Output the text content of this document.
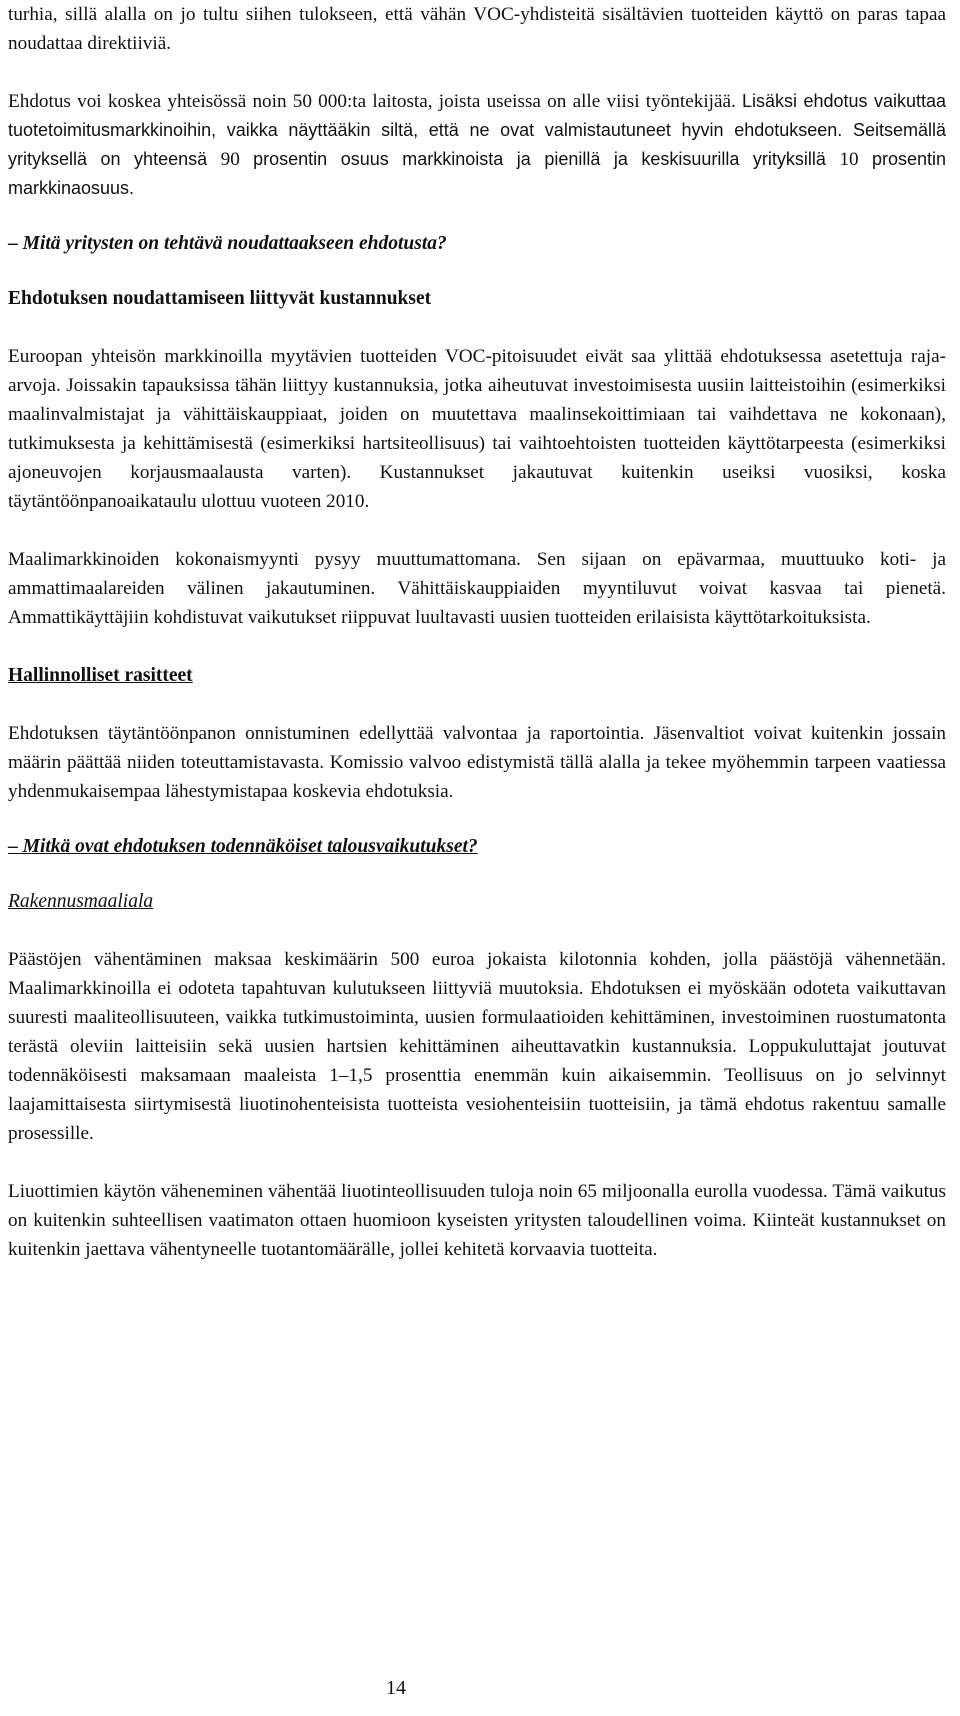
turhia, sillä alalla on jo tultu siihen tulokseen, että vähän VOC-yhdisteitä sisältävien tuotteiden käyttö on paras tapaa noudattaa direktiiviä.

Ehdotus voi koskea yhteisössä noin 50 000:ta laitosta, joista useissa on alle viisi työntekijää. Lisäksi ehdotus vaikuttaa tuotetoimitusmarkkinoihin, vaikka näyttääkin siltä, että ne ovat valmistautuneet hyvin ehdotukseen. Seitsemällä yrityksellä on yhteensä 90 prosentin osuus markkinoista ja pienillä ja keskisuurilla yrityksillä 10 prosentin markkinaosuus.

– Mitä yritysten on tehtävä noudattaakseen ehdotusta?

Ehdotuksen noudattamiseen liittyvät kustannukset

Euroopan yhteisön markkinoilla myytävien tuotteiden VOC-pitoisuudet eivät saa ylittää ehdotuksessa asetettuja raja-arvoja. Joissakin tapauksissa tähän liittyy kustannuksia, jotka aiheutuvat investoimisesta uusiin laitteistoihin (esimerkiksi maalinvalmistajat ja vähittäiskauppiaat, joiden on muutettava maalinsekoittimiaan tai vaihdettava ne kokonaan), tutkimuksesta ja kehittämisestä (esimerkiksi hartsiteollisuus) tai vaihtoehtoisten tuotteiden käyttötarpeesta (esimerkiksi ajoneuvojen korjausmaalausta varten). Kustannukset jakautuvat kuitenkin useiksi vuosiksi, koska täytäntöönpanoaikataulu ulottuu vuoteen 2010.

Maalimarkkinoiden kokonaismyynti pysyy muuttumattomana. Sen sijaan on epävarmaa, muuttuuko koti- ja ammattimaalareiden välinen jakautuminen. Vähittäiskauppiaiden myyntiluvut voivat kasvaa tai pienetä. Ammattikäyttäjiin kohdistuvat vaikutukset riippuvat luultavasti uusien tuotteiden erilaisista käyttötarkoituksista.

Hallinnolliset rasitteet

Ehdotuksen täytäntöönpanon onnistuminen edellyttää valvontaa ja raportointia. Jäsenvaltiot voivat kuitenkin jossain määrin päättää niiden toteuttamistavasta. Komissio valvoo edistymistä tällä alalla ja tekee myöhemmin tarpeen vaatiessa yhdenmukaisempaa lähestymistapaa koskevia ehdotuksia.

– Mitkä ovat ehdotuksen todennäköiset talousvaikutukset?

Rakennusmaaliala

Päästöjen vähentäminen maksaa keskimäärin 500 euroa jokaista kilotonnia kohden, jolla päästöjä vähennetään. Maalimarkkinoilla ei odoteta tapahtuvan kulutukseen liittyviä muutoksia. Ehdotuksen ei myöskään odoteta vaikuttavan suuresti maaliteollisuuteen, vaikka tutkimustoiminta, uusien formulaatioiden kehittäminen, investoiminen ruostumatonta terästä oleviin laitteisiin sekä uusien hartsien kehittäminen aiheuttavatkin kustannuksia. Loppukuluttajat joutuvat todennäköisesti maksamaan maaleista 1–1,5 prosenttia enemmän kuin aikaisemmin. Teollisuus on jo selvinnyt laajamittaisesta siirtymisestä liuotinohenteisista tuotteista vesiohenteisiin tuotteisiin, ja tämä ehdotus rakentuu samalle prosessille.

Liuottimien käytön väheneminen vähentää liuotinteollisuuden tuloja noin 65 miljoonalla eurolla vuodessa. Tämä vaikutus on kuitenkin suhteellisen vaatimaton ottaen huomioon kyseisten yritysten taloudellinen voima. Kiinteät kustannukset on kuitenkin jaettava vähentyneelle tuotantomäärälle, jollei kehitetä korvaavia tuotteita.

14
